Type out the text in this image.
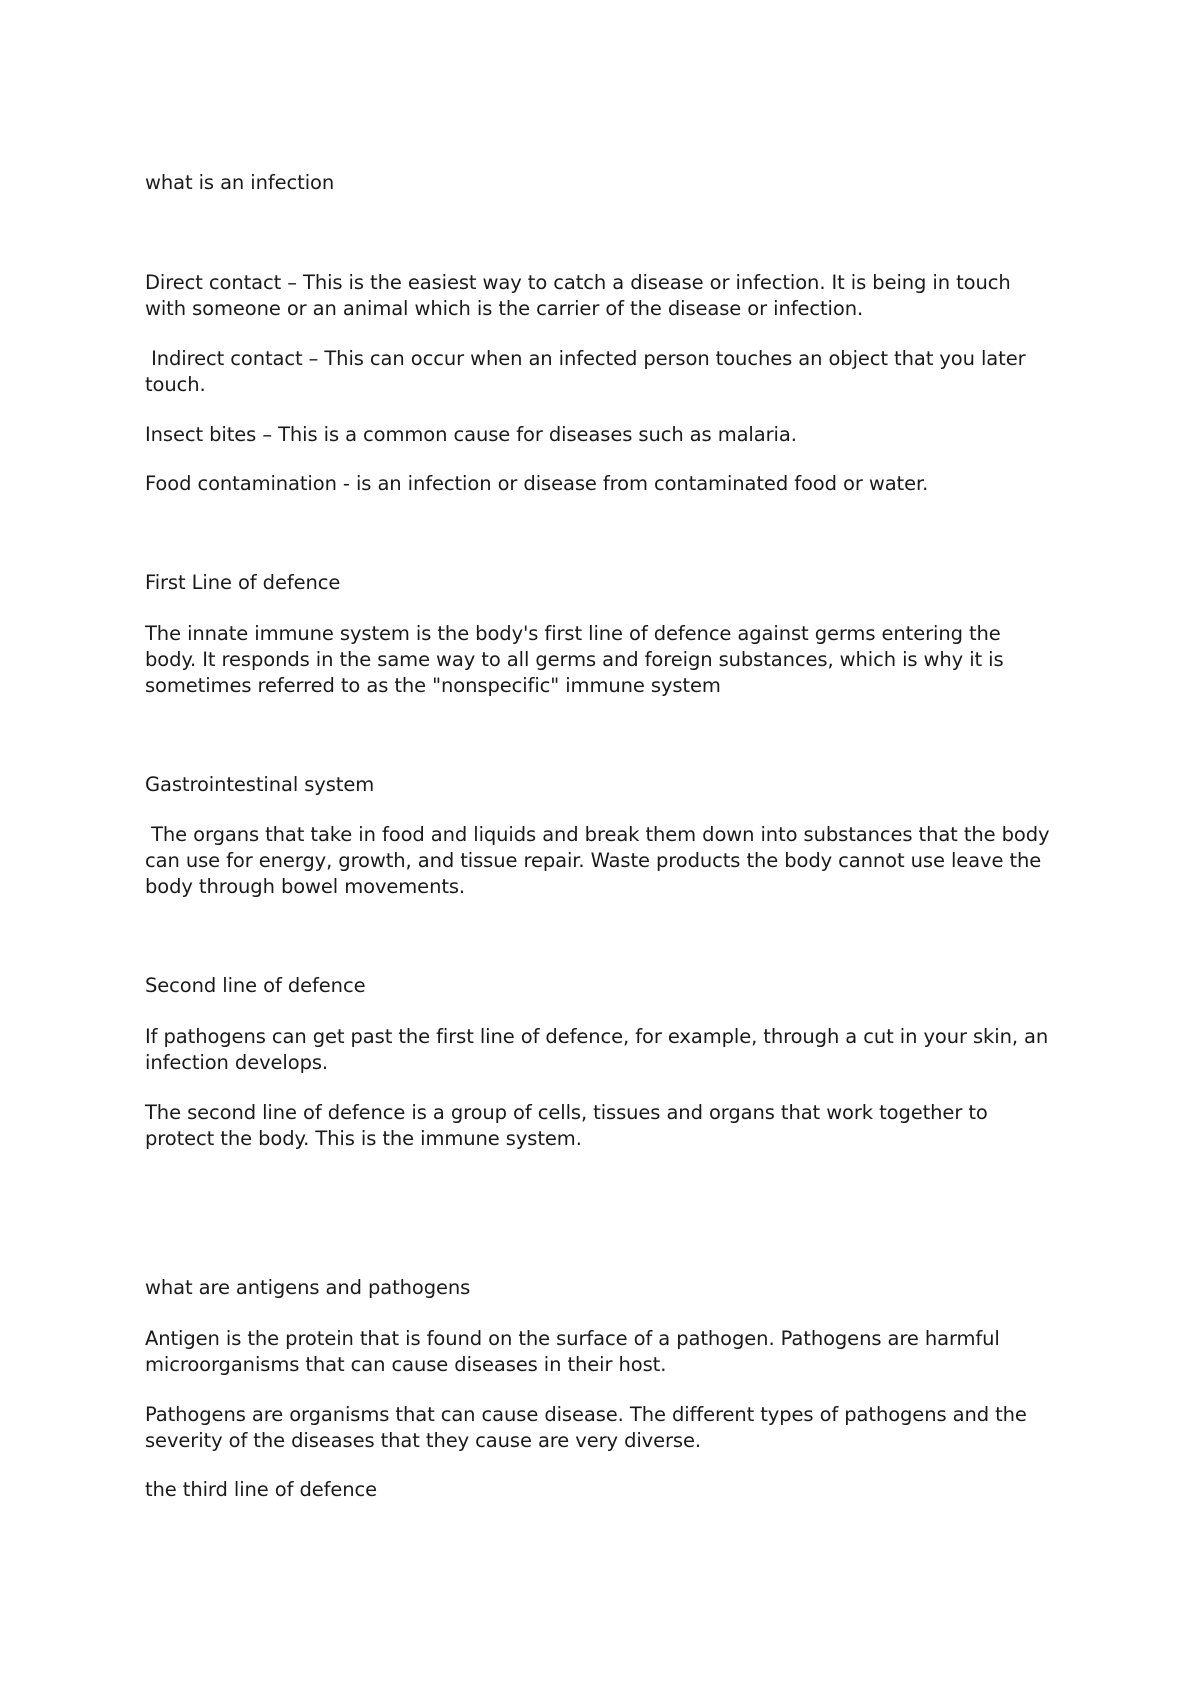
what is an infection

Direct contact – This is the easiest way to catch a disease or infection. It is being in touch

with someone or an animal which is the carrier of the disease or infection.

Indirect contact – This can occur when an infected person touches an object that you later

touch.

Insect bites – This is a common cause for diseases such as malaria.

Food contamination - is an infection or disease from contaminated food or water.

First Line of defence

The innate immune system is the body's first line of defence against germs entering the

body. It responds in the same way to all germs and foreign substances, which is why it is

sometimes referred to as the "nonspecific" immune system

Gastrointestinal system

The organs that take in food and liquids and break them down into substances that the body

can use for energy, growth, and tissue repair. Waste products the body cannot use leave the

body through bowel movements.

Second line of defence

If pathogens can get past the first line of defence, for example, through a cut in your skin, an

infection develops.

The second line of defence is a group of cells, tissues and organs that work together to

protect the body. This is the immune system.

what are antigens and pathogens

Antigen is the protein that is found on the surface of a pathogen. Pathogens are harmful

microorganisms that can cause diseases in their host.

Pathogens are organisms that can cause disease. The different types of pathogens and the

severity of the diseases that they cause are very diverse.

the third line of defence
